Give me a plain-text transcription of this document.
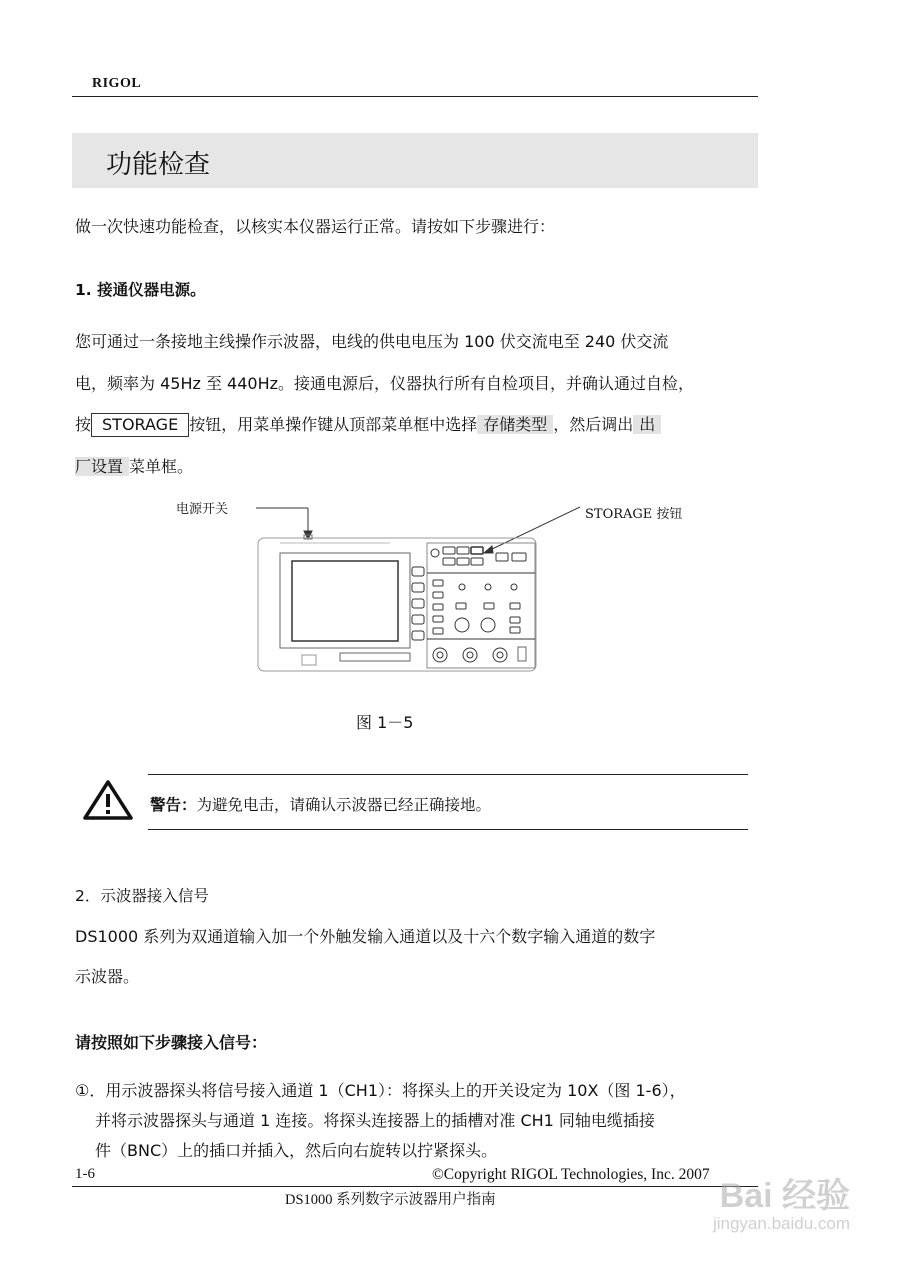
RIGOL
功能检查
做一次快速功能检查，以核实本仪器运行正常。请按如下步骤进行：
1. 接通仪器电源。
您可通过一条接地主线操作示波器，电线的供电电压为 100 伏交流电至 240 伏交流
电，频率为 45Hz 至 440Hz。接通电源后，仪器执行所有自检项目，并确认通过自检，
按 STORAGE 按钮，用菜单操作键从顶部菜单框中选择 存储类型 ，然后调出 出
厂设置 菜单框。
电源开关	STORAGE 按钮
图 1－5
警告：为避免电击，请确认示波器已经正确接地。
2．示波器接入信号
DS1000 系列为双通道输入加一个外触发输入通道以及十六个数字输入通道的数字
示波器。
请按照如下步骤接入信号：
①．用示波器探头将信号接入通道 1（CH1）：将探头上的开关设定为 10X（图 1-6），
并将示波器探头与通道 1 连接。将探头连接器上的插槽对准 CH1 同轴电缆插接
件（BNC）上的插口并插入，然后向右旋转以拧紧探头。
1-6	©Copyright RIGOL Technologies, Inc. 2007
DS1000 系列数字示波器用户指南	Bai 经验
jingyan.baidu.com
